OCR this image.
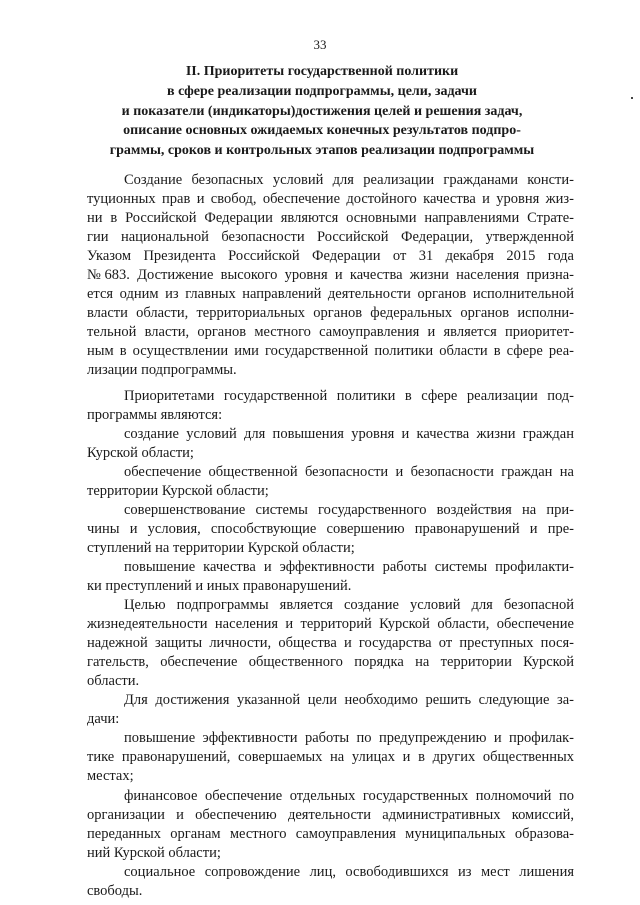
33
II. Приоритеты государственной политики
в сфере реализации подпрограммы, цели, задачи
и показатели (индикаторы)достижения целей и решения задач,
описание основных ожидаемых конечных результатов подпро-
граммы, сроков и контрольных этапов реализации подпрограммы
Создание безопасных условий для реализации гражданами консти-
туционных прав и свобод, обеспечение достойного качества и уровня жиз-
ни в Российской Федерации являются основными направлениями Страте-
гии национальной безопасности Российской Федерации, утвержденной
Указом Президента Российской Федерации от 31 декабря 2015 года
№683. Достижение высокого уровня и качества жизни населения призна-
ется одним из главных направлений деятельности органов исполнительной
власти области, территориальных органов федеральных органов исполни-
тельной власти, органов местного самоуправления и является приоритет-
ным в осуществлении ими государственной политики области в сфере реа-
лизации подпрограммы.
Приоритетами государственной политики в сфере реализации под-
программы являются:
создание условий для повышения уровня и качества жизни граждан
Курской области;
обеспечение общественной безопасности и безопасности граждан на
территории Курской области;
совершенствование системы государственного воздействия на при-
чины и условия, способствующие совершению правонарушений и пре-
ступлений на территории Курской области;
повышение качества и эффективности работы системы профилакти-
ки преступлений и иных правонарушений.
Целью подпрограммы является создание условий для безопасной
жизнедеятельности населения и территорий Курской области, обеспечение
надежной защиты личности, общества и государства от преступных пося-
гательств, обеспечение общественного порядка на территории Курской
области.
Для достижения указанной цели необходимо решить следующие за-
дачи:
повышение эффективности работы по предупреждению и профилак-
тике правонарушений, совершаемых на улицах и в других общественных
местах;
финансовое обеспечение отдельных государственных полномочий по
организации и обеспечению деятельности административных комиссий,
переданных органам местного самоуправления муниципальных образова-
ний Курской области;
социальное сопровождение лиц, освободившихся из мест лишения
свободы.
